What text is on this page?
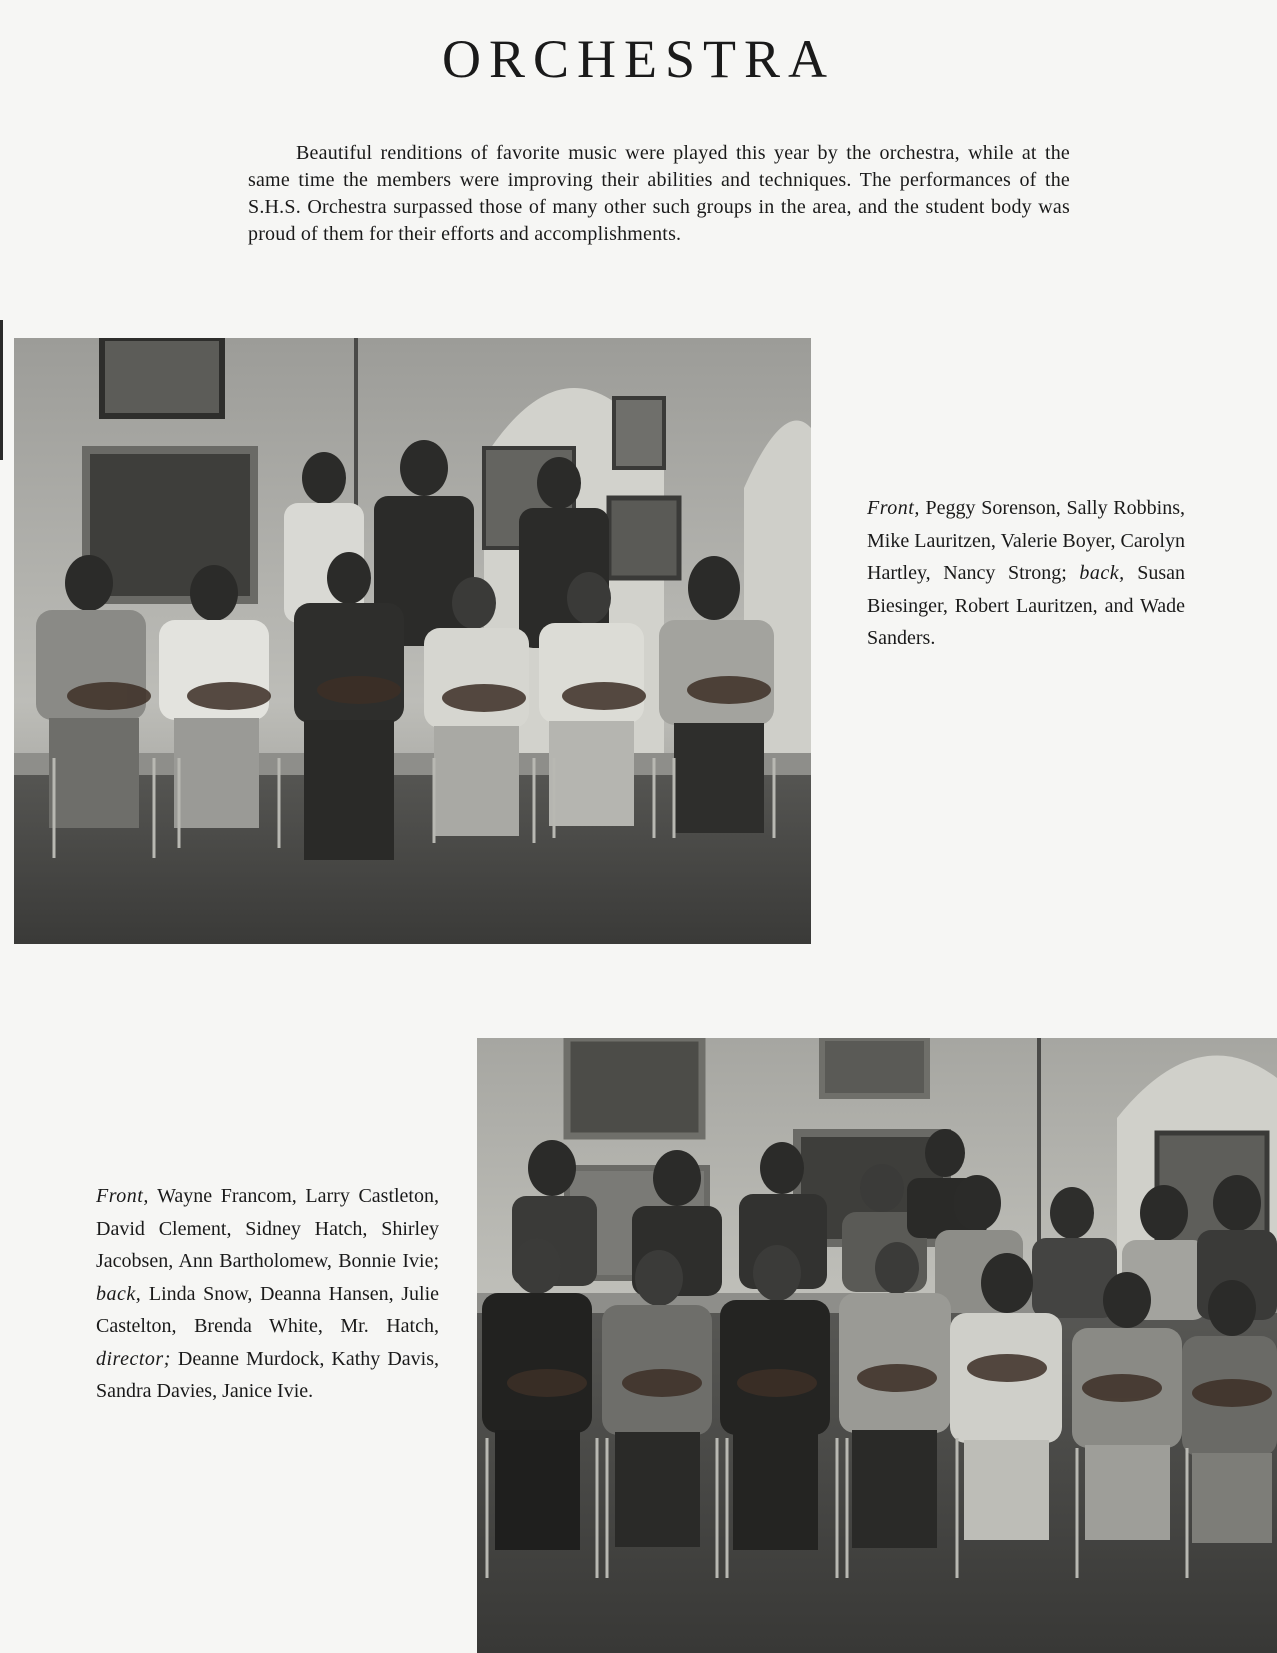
ORCHESTRA

Beautiful renditions of favorite music were played this year by the orchestra, while at the same time the members were improving their abilities and techniques. The performances of the S.H.S. Orchestra surpassed those of many other such groups in the area, and the student body was proud of them for their efforts and accomplishments.

Front, Peggy Sorenson, Sally Robbins, Mike Lauritzen, Valerie Boyer, Carolyn Hartley, Nancy Strong; back, Susan Biesinger, Robert Lauritzen, and Wade Sanders.

Front, Wayne Francom, Larry Castleton, David Clement, Sidney Hatch, Shirley Jacobsen, Ann Bartholomew, Bonnie Ivie; back, Linda Snow, Deanna Hansen, Julie Castelton, Brenda White, Mr. Hatch, director; Deanne Murdock, Kathy Davis, Sandra Davies, Janice Ivie.
